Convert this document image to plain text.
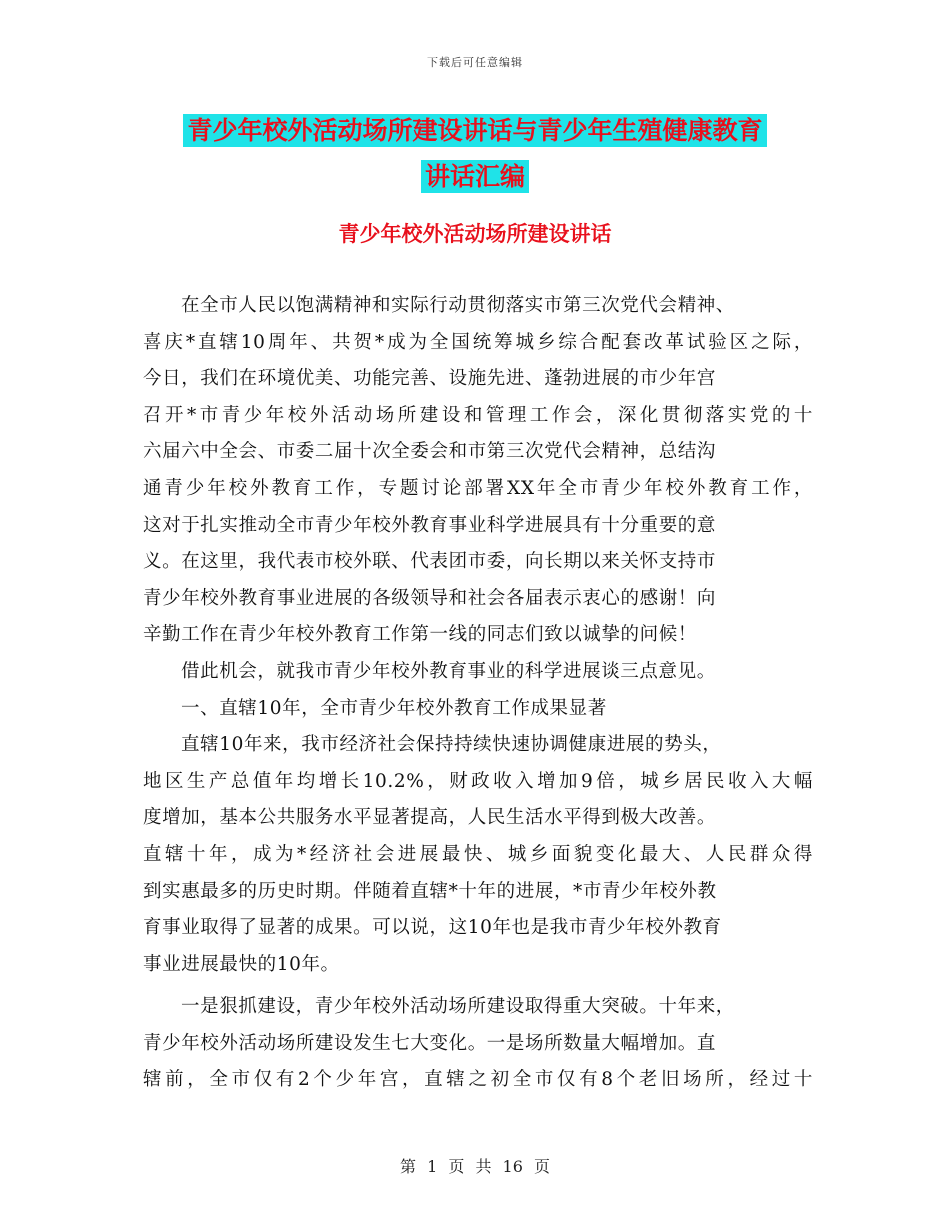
下载后可任意编辑
青少年校外活动场所建设讲话与青少年生殖健康教育
讲话汇编
青少年校外活动场所建设讲话
在全市人民以饱满精神和实际行动贯彻落实市第三次党代会精神、
喜庆*直辖10周年、共贺*成为全国统筹城乡综合配套改革试验区之际，
今日，我们在环境优美、功能完善、设施先进、蓬勃进展的市少年宫
召开*市青少年校外活动场所建设和管理工作会，深化贯彻落实党的十
六届六中全会、市委二届十次全委会和市第三次党代会精神，总结沟
通青少年校外教育工作，专题讨论部署XX年全市青少年校外教育工作，
这对于扎实推动全市青少年校外教育事业科学进展具有十分重要的意
义。在这里，我代表市校外联、代表团市委，向长期以来关怀支持市
青少年校外教育事业进展的各级领导和社会各届表示衷心的感谢！向
辛勤工作在青少年校外教育工作第一线的同志们致以诚挚的问候！
借此机会，就我市青少年校外教育事业的科学进展谈三点意见。
一、直辖10年，全市青少年校外教育工作成果显著
直辖10年来，我市经济社会保持持续快速协调健康进展的势头，
地区生产总值年均增长10.2%，财政收入增加9倍，城乡居民收入大幅
度增加，基本公共服务水平显著提高，人民生活水平得到极大改善。
直辖十年，成为*经济社会进展最快、城乡面貌变化最大、人民群众得
到实惠最多的历史时期。伴随着直辖*十年的进展，*市青少年校外教
育事业取得了显著的成果。可以说，这10年也是我市青少年校外教育
事业进展最快的10年。
一是狠抓建设，青少年校外活动场所建设取得重大突破。十年来，
青少年校外活动场所建设发生七大变化。一是场所数量大幅增加。直
辖前，全市仅有2个少年宫，直辖之初全市仅有8个老旧场所，经过十
第 1 页 共 16 页
